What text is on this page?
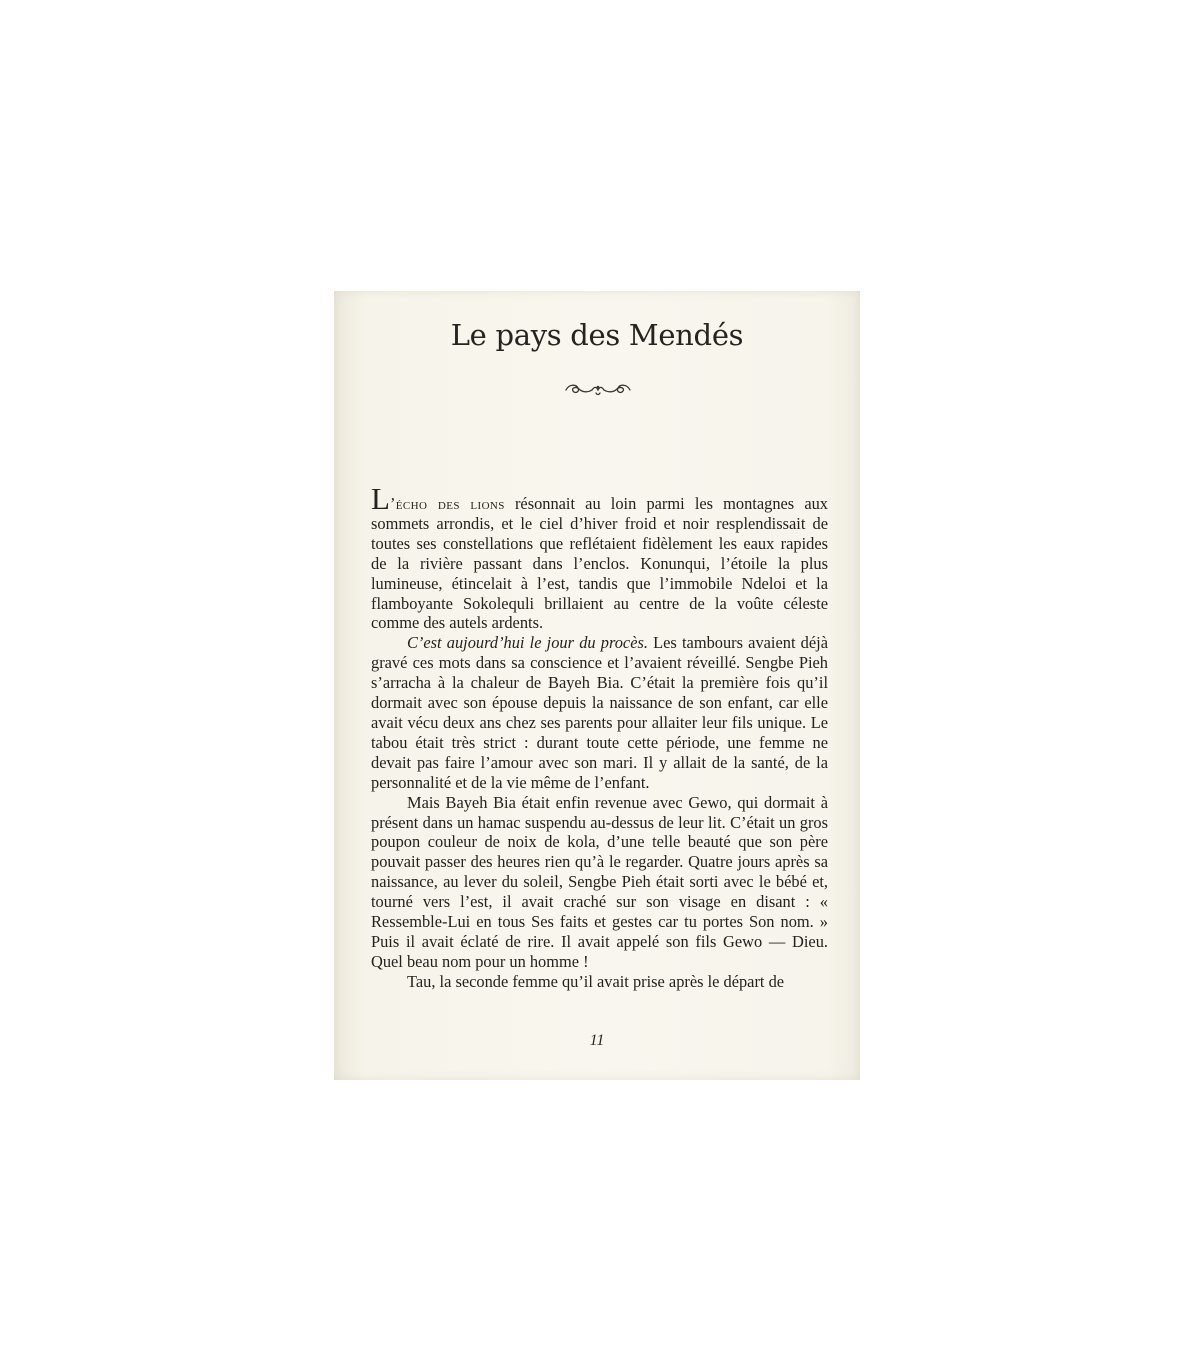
Le pays des Mendés

L’écho des lions résonnait au loin parmi les montagnes aux sommets arrondis, et le ciel d’hiver froid et noir resplendissait de toutes ses constellations que reflétaient fidèlement les eaux rapides de la rivière passant dans l’enclos. Konunqui, l’étoile la plus lumineuse, étincelait à l’est, tandis que l’immobile Ndeloi et la flamboyante Sokolequli brillaient au centre de la voûte céleste comme des autels ardents.

C’est aujourd’hui le jour du procès. Les tambours avaient déjà gravé ces mots dans sa conscience et l’avaient réveillé. Sengbe Pieh s’arracha à la chaleur de Bayeh Bia. C’était la première fois qu’il dormait avec son épouse depuis la naissance de son enfant, car elle avait vécu deux ans chez ses parents pour allaiter leur fils unique. Le tabou était très strict : durant toute cette période, une femme ne devait pas faire l’amour avec son mari. Il y allait de la santé, de la personnalité et de la vie même de l’enfant.

Mais Bayeh Bia était enfin revenue avec Gewo, qui dormait à présent dans un hamac suspendu au-dessus de leur lit. C’était un gros poupon couleur de noix de kola, d’une telle beauté que son père pouvait passer des heures rien qu’à le regarder. Quatre jours après sa naissance, au lever du soleil, Sengbe Pieh était sorti avec le bébé et, tourné vers l’est, il avait craché sur son visage en disant : « Ressemble-Lui en tous Ses faits et gestes car tu portes Son nom. » Puis il avait éclaté de rire. Il avait appelé son fils Gewo — Dieu. Quel beau nom pour un homme !

Tau, la seconde femme qu’il avait prise après le départ de

11
